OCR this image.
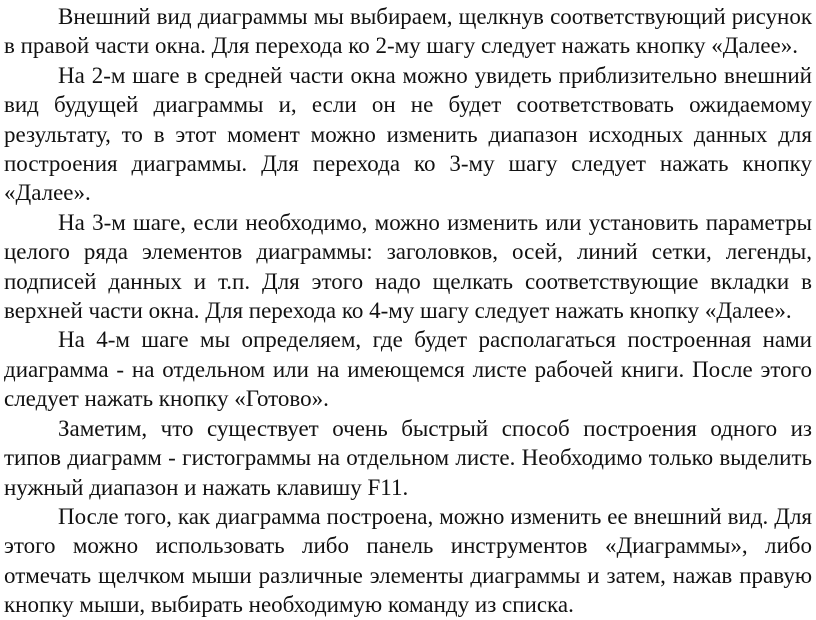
Внешний вид диаграммы мы выбираем, щелкнув соответствующий рисунок в правой части окна. Для перехода ко 2-му шагу следует нажать кнопку «Далее».

На 2-м шаге в средней части окна можно увидеть приблизительно внешний вид будущей диаграммы и, если он не будет соответствовать ожидаемому результату, то в этот момент можно изменить диапазон исходных данных для построения диаграммы. Для перехода ко 3-му шагу следует нажать кнопку «Далее».

На 3-м шаге, если необходимо, можно изменить или установить параметры целого ряда элементов диаграммы: заголовков, осей, линий сетки, легенды, подписей данных и т.п. Для этого надо щелкать соответствующие вкладки в верхней части окна. Для перехода ко 4-му шагу следует нажать кнопку «Далее».

На 4-м шаге мы определяем, где будет располагаться построенная нами диаграмма - на отдельном или на имеющемся листе рабочей книги. После этого следует нажать кнопку «Готово».

Заметим, что существует очень быстрый способ построения одного из типов диаграмм - гистограммы на отдельном листе. Необходимо только выделить нужный диапазон и нажать клавишу F11.

После того, как диаграмма построена, можно изменить ее внешний вид. Для этого можно использовать либо панель инструментов «Диаграммы», либо отмечать щелчком мыши различные элементы диаграммы и затем, нажав правую кнопку мыши, выбирать необходимую команду из списка.
